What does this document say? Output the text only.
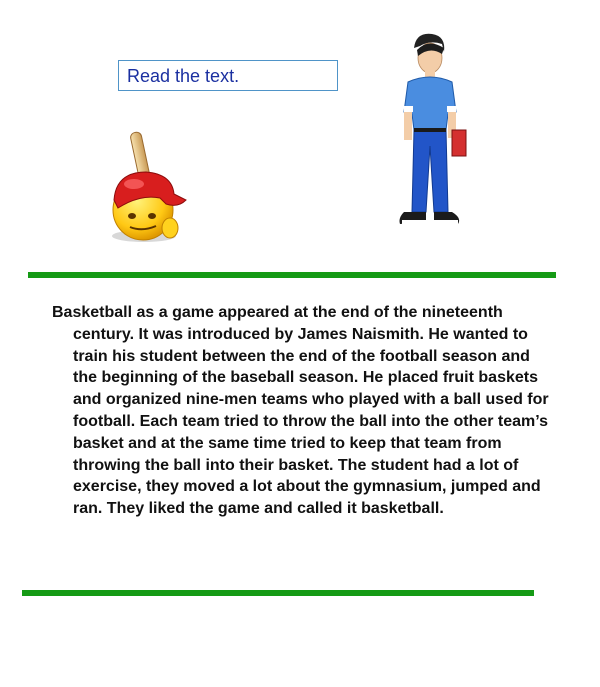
Read the text.

Basketball as a game appeared at the end of the nineteenth century. It was introduced by James Naismith. He wanted to train his student between the end of the football season and the beginning of the baseball season. He placed fruit baskets and organized nine-men teams who played with a ball used for football. Each team tried to throw the ball into the other team’s basket and at the same time tried to keep that team from throwing the ball into their basket. The student had a lot of exercise, they moved a lot about the gymnasium, jumped and ran. They liked the game and called it basketball.
